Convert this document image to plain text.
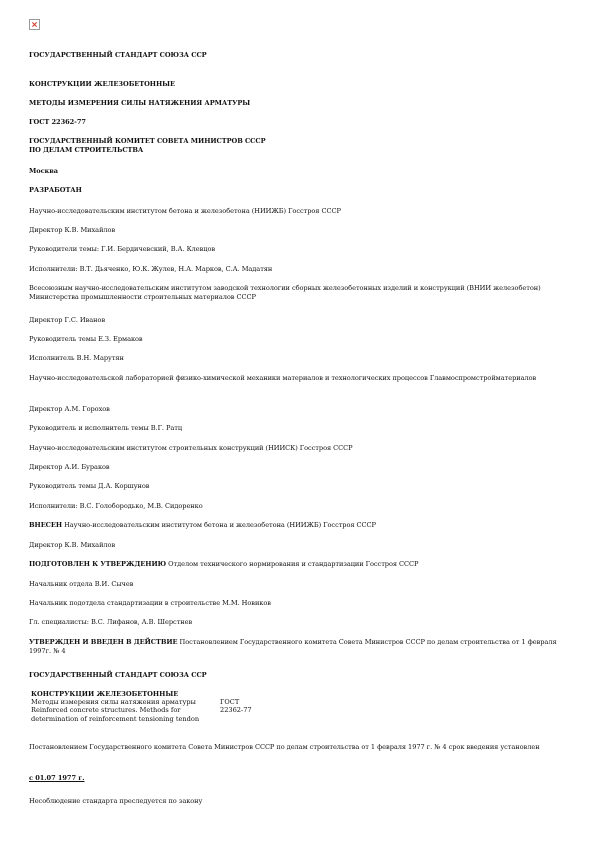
ГОСУДАРСТВЕННЫЙ СТАНДАРТ СОЮЗА ССР
КОНСТРУКЦИИ ЖЕЛЕЗОБЕТОННЫЕ
МЕТОДЫ ИЗМЕРЕНИЯ СИЛЫ НАТЯЖЕНИЯ АРМАТУРЫ
ГОСТ 22362-77
ГОСУДАРСТВЕННЫЙ КОМИТЕТ СОВЕТА МИНИСТРОВ СССР
ПО ДЕЛАМ СТРОИТЕЛЬСТВА
Москва
РАЗРАБОТАН
Научно-исследовательским институтом бетона и железобетона (НИИЖБ) Госстроя СССР
Директор К.В. Михайлов
Руководители темы: Г.И. Бердичевский, В.А. Клевцов
Исполнители: В.Т. Дьяченко, Ю.К. Жулев, Н.А. Марков, С.А. Мадатян
Всесоюзным научно-исследовательским институтом заводской технологии сборных железобетонных изделий и конструкций (ВНИИ железобетон) Министерства промышленности строительных материалов СССР
Директор Г.С. Иванов
Руководитель темы Е.З. Ермаков
Исполнитель В.Н. Марутян
Научно-исследовательской лабораторией физико-химической механики материалов и технологических процессов Главмоспромстройматериалов
Директор А.М. Горохов
Руководитель и исполнитель темы В.Г. Ратц
Научно-исследовательским институтом строительных конструкций (НИИСК) Госстроя СССР
Директор А.И. Бураков
Руководитель темы Д.А. Коршунов
Исполнители: В.С. Голобородько, М.В. Сидоренко
ВНЕСЕН Научно-исследовательским институтом бетона и железобетона (НИИЖБ) Госстроя СССР
Директор К.В. Михайлов
ПОДГОТОВЛЕН К УТВЕРЖДЕНИЮ Отделом технического нормирования и стандартизации Госстроя СССР
Начальник отдела В.И. Сычев
Начальник подотдела стандартизации в строительстве М.М. Новиков
Гл. специалисты: В.С. Лифанов, А.В. Шерстнев
УТВЕРЖДЕН И ВВЕДЕН В ДЕЙСТВИЕ Постановлением Государственного комитета Совета Министров СССР по делам строительства от 1 февраля 1997г. № 4
ГОСУДАРСТВЕННЫЙ СТАНДАРТ СОЮЗА ССР
КОНСТРУКЦИИ ЖЕЛЕЗОБЕТОННЫЕ
Методы измерения силы натяжения арматуры	ГОСТ
Reinforced concrete structures. Methods for	22362-77
determination of reinforcement tensioning tendon
Постановлением Государственного комитета Совета Министров СССР по делам строительства от 1 февраля 1977 г. № 4 срок введения установлен
с 01.07 1977 г.
Несоблюдение стандарта преследуется по закону
